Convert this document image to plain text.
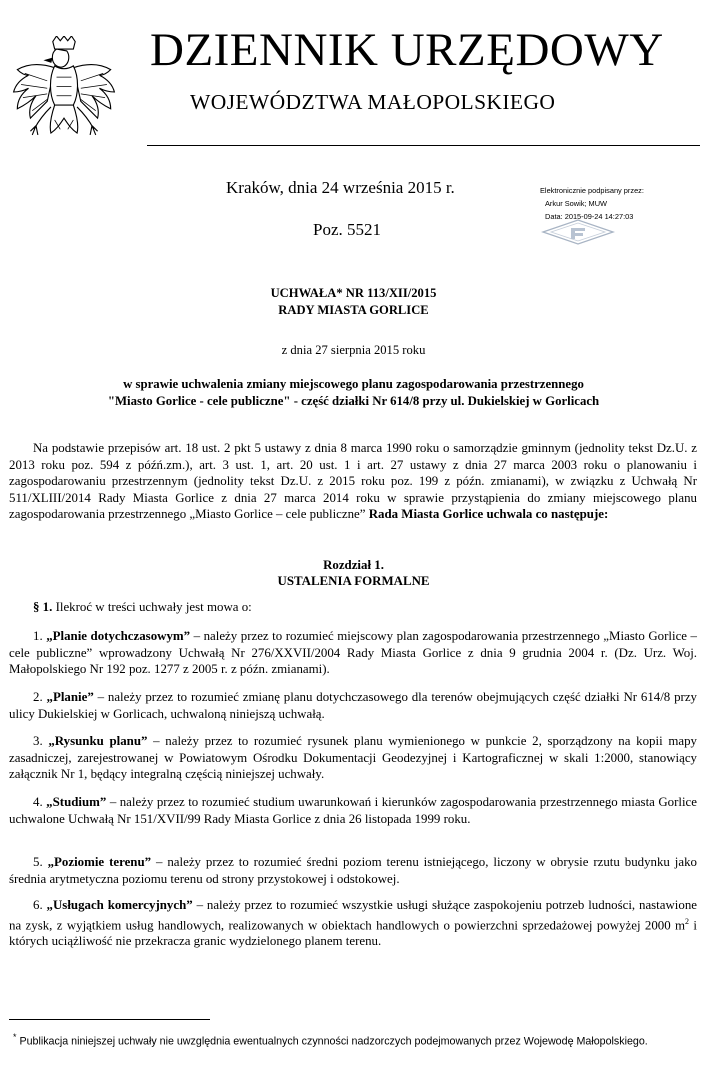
DZIENNIK URZĘDOWY
WOJEWÓDZTWA MAŁOPOLSKIEGO
Kraków, dnia 24 września 2015 r.
Poz. 5521
Elektronicznie podpisany przez:
Arkur Sowik; MUW
Data: 2015-09-24 14:27:03
UCHWAŁA* NR 113/XII/2015
RADY MIASTA GORLICE
z dnia 27 sierpnia 2015 roku
w sprawie uchwalenia zmiany miejscowego planu zagospodarowania przestrzennego
"Miasto Gorlice - cele publiczne" - część działki Nr 614/8 przy ul. Dukielskiej w Gorlicach
Na podstawie przepisów art. 18 ust. 2 pkt 5 ustawy z dnia 8 marca 1990 roku o samorządzie gminnym (jednolity tekst Dz.U. z 2013 roku poz. 594 z późń.zm.), art. 3 ust. 1, art. 20 ust. 1 i art. 27 ustawy z dnia 27 marca 2003 roku o planowaniu i zagospodarowaniu przestrzennym (jednolity tekst Dz.U. z 2015 roku poz. 199 z późn. zmianami), w związku z Uchwałą Nr 511/XLIII/2014 Rady Miasta Gorlice z dnia 27 marca 2014 roku w sprawie przystąpienia do zmiany miejscowego planu zagospodarowania przestrzennego „Miasto Gorlice – cele publiczne” Rada Miasta Gorlice uchwala co następuje:
Rozdział 1.
USTALENIA FORMALNE
§ 1. Ilekroć w treści uchwały jest mowa o:
1. „Planie dotychczasowym” – należy przez to rozumieć miejscowy plan zagospodarowania przestrzennego „Miasto Gorlice – cele publiczne” wprowadzony Uchwałą Nr 276/XXVII/2004 Rady Miasta Gorlice z dnia 9 grudnia 2004 r. (Dz. Urz. Woj. Małopolskiego Nr 192 poz. 1277 z 2005 r. z późn. zmianami).
2. „Planie” – należy przez to rozumieć zmianę planu dotychczasowego dla terenów obejmujących część działki Nr 614/8 przy ulicy Dukielskiej w Gorlicach, uchwaloną niniejszą uchwałą.
3. „Rysunku planu” – należy przez to rozumieć rysunek planu wymienionego w punkcie 2, sporządzony na kopii mapy zasadniczej, zarejestrowanej w Powiatowym Ośrodku Dokumentacji Geodezyjnej i Kartograficznej w skali 1:2000, stanowiący załącznik Nr 1, będący integralną częścią niniejszej uchwały.
4. „Studium” – należy przez to rozumieć studium uwarunkowań i kierunków zagospodarowania przestrzennego miasta Gorlice uchwalone Uchwałą Nr 151/XVII/99 Rady Miasta Gorlice z dnia 26 listopada 1999 roku.
5. „Poziomie terenu” – należy przez to rozumieć średni poziom terenu istniejącego, liczony w obrysie rzutu budynku jako średnia arytmetyczna poziomu terenu od strony przystokowej i odstokowej.
6. „Usługach komercyjnych” – należy przez to rozumieć wszystkie usługi służące zaspokojeniu potrzeb ludności, nastawione na zysk, z wyjątkiem usług handlowych, realizowanych w obiektach handlowych o powierzchni sprzedażowej powyżej 2000 $m^2$ i których uciążliwość nie przekracza granic wydzielonego planem terenu.
* Publikacja niniejszej uchwały nie uwzględnia ewentualnych czynności nadzorczych podejmowanych przez Wojewodę Małopolskiego.
